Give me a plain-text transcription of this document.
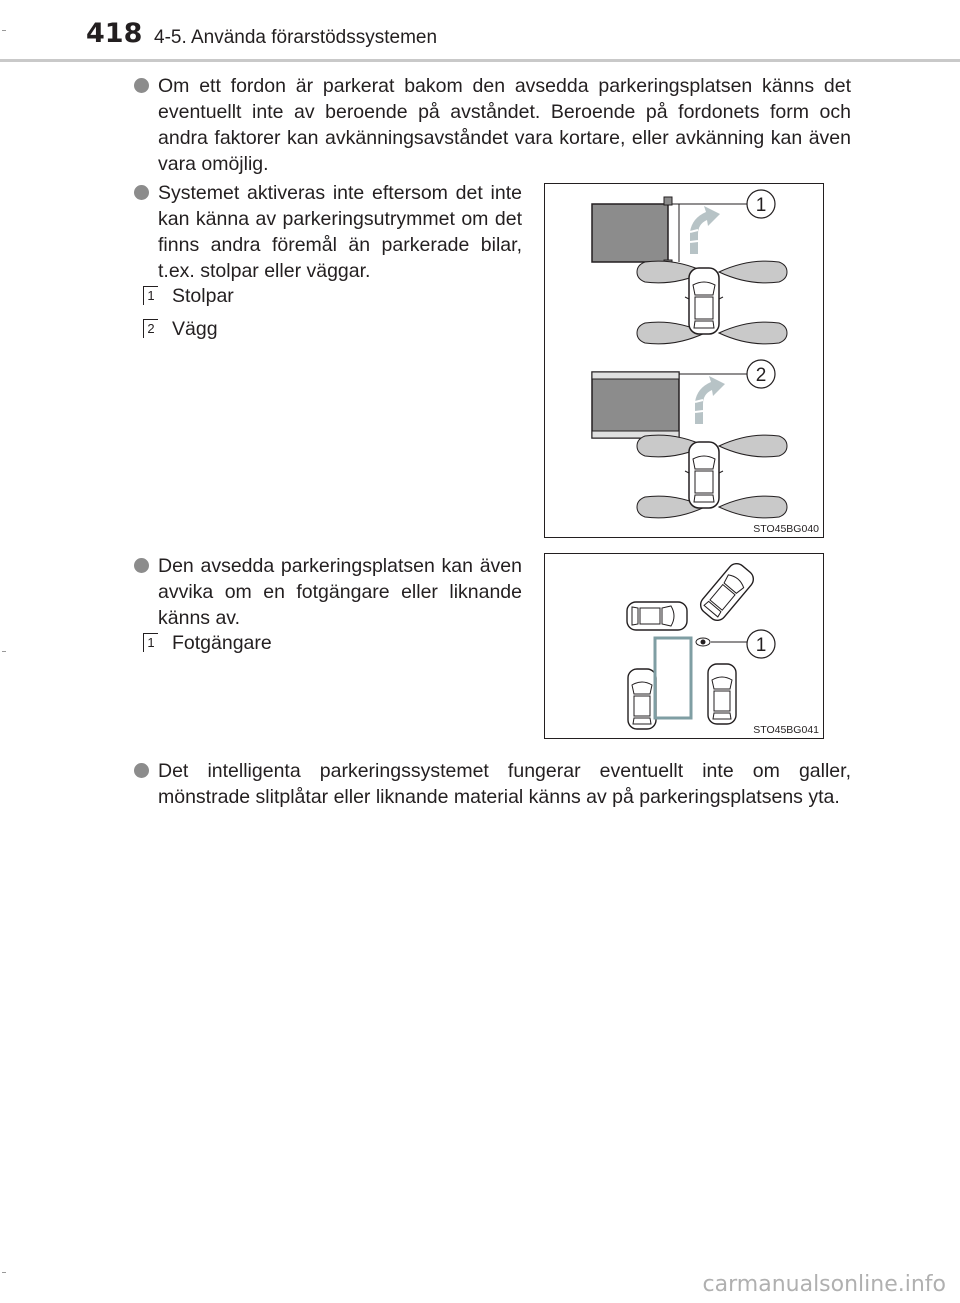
418 4-5. Använda förarstödssystemen
Om ett fordon är parkerat bakom den avsedda parkeringsplatsen känns det eventuellt inte av beroende på avståndet. Beroende på fordonets form och andra faktorer kan avkänningsavståndet vara kortare, eller avkänning kan även vara omöjlig.
Systemet aktiveras inte eftersom det inte kan känna av parkeringsutrymmet om det finns andra föremål än parkerade bilar, t.ex. stolpar eller väggar.
1 Stolpar
2 Vägg
1
2
STO45BG040
Den avsedda parkeringsplatsen kan även avvika om en fotgängare eller liknande känns av.
1 Fotgängare	1
STO45BG041
Det intelligenta parkeringssystemet fungerar eventuellt inte om galler, mönstrade slitplåtar eller liknande material känns av på parkeringsplatsens yta.
carmanualsonline.info
